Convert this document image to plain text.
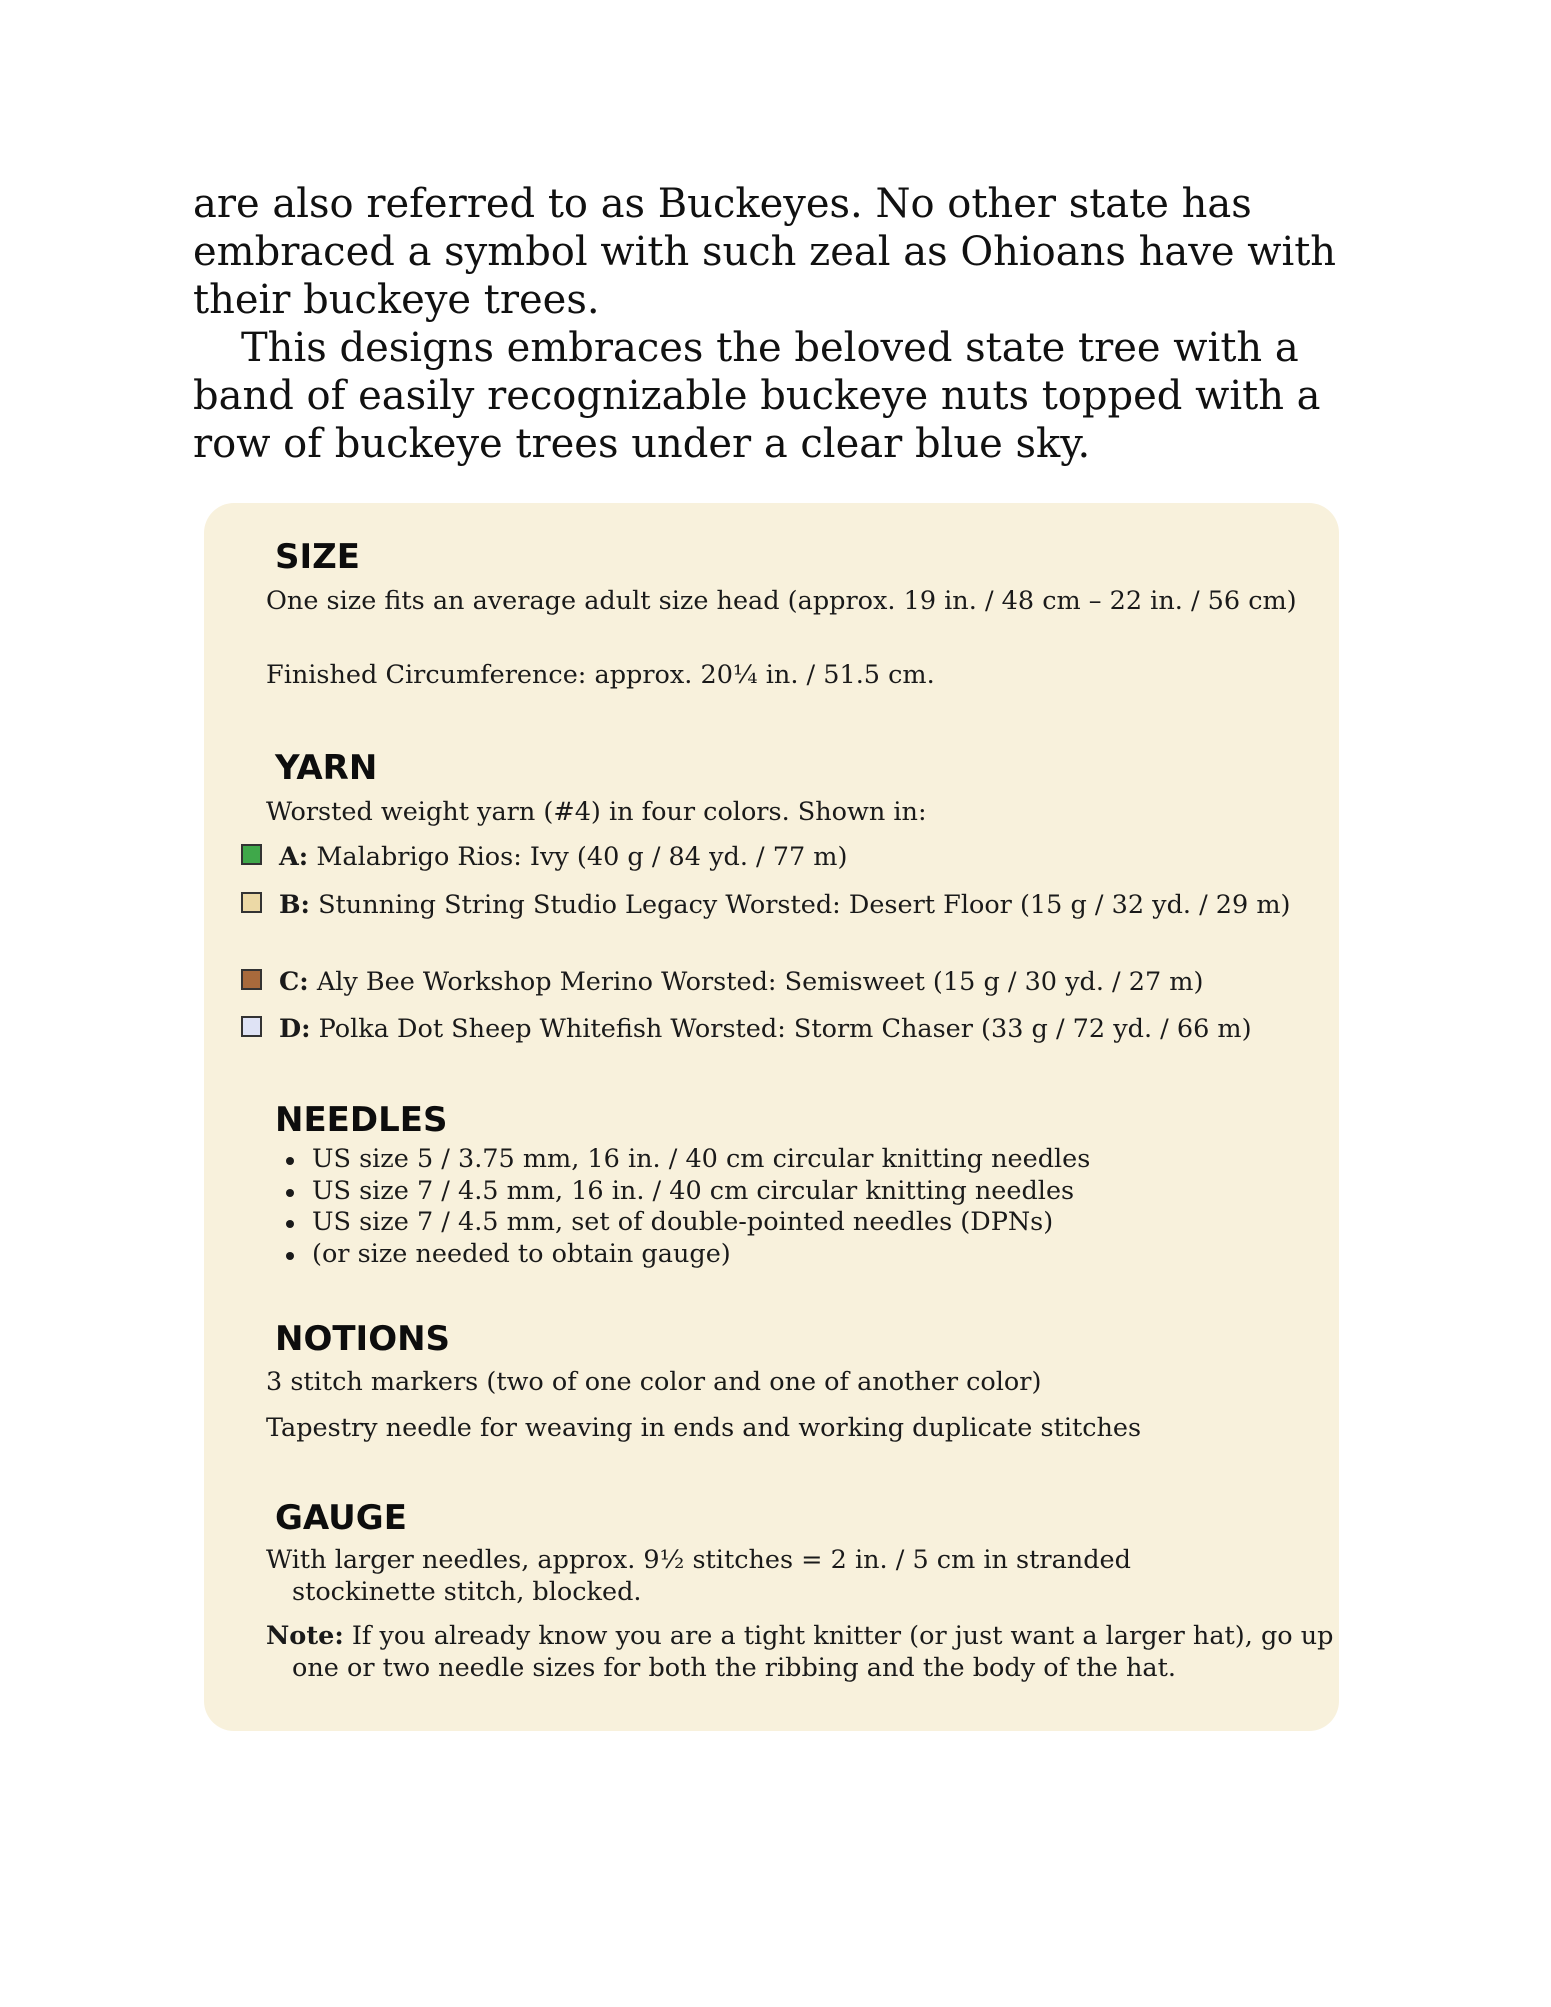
are also referred to as Buckeyes. No other state has embraced a symbol with such zeal as Ohioans have with their buckeye trees.

This designs embraces the beloved state tree with a band of easily recognizable buckeye nuts topped with a row of buckeye trees under a clear blue sky.

SIZE

One size fits an average adult size head (approx. 19 in. / 48 cm – 22 in. / 56 cm)

Finished Circumference: approx. 20¼ in. / 51.5 cm.

YARN

Worsted weight yarn (#4) in four colors. Shown in:

A: Malabrigo Rios: Ivy (40 g / 84 yd. / 77 m)
B: Stunning String Studio Legacy Worsted: Desert Floor (15 g / 32 yd. / 29 m)
C: Aly Bee Workshop Merino Worsted: Semisweet (15 g / 30 yd. / 27 m)
D: Polka Dot Sheep Whitefish Worsted: Storm Chaser (33 g / 72 yd. / 66 m)
NEEDLES
US size 5 / 3.75 mm, 16 in. / 40 cm circular knitting needles
US size 7 / 4.5 mm, 16 in. / 40 cm circular knitting needles
US size 7 / 4.5 mm, set of double-pointed needles (DPNs)
(or size needed to obtain gauge)
NOTIONS

3 stitch markers (two of one color and one of another color)

Tapestry needle for weaving in ends and working duplicate stitches

GAUGE

With larger needles, approx. 9½ stitches = 2 in. / 5 cm in stranded stockinette stitch, blocked.

Note: If you already know you are a tight knitter (or just want a larger hat), go up one or two needle sizes for both the ribbing and the body of the hat.
